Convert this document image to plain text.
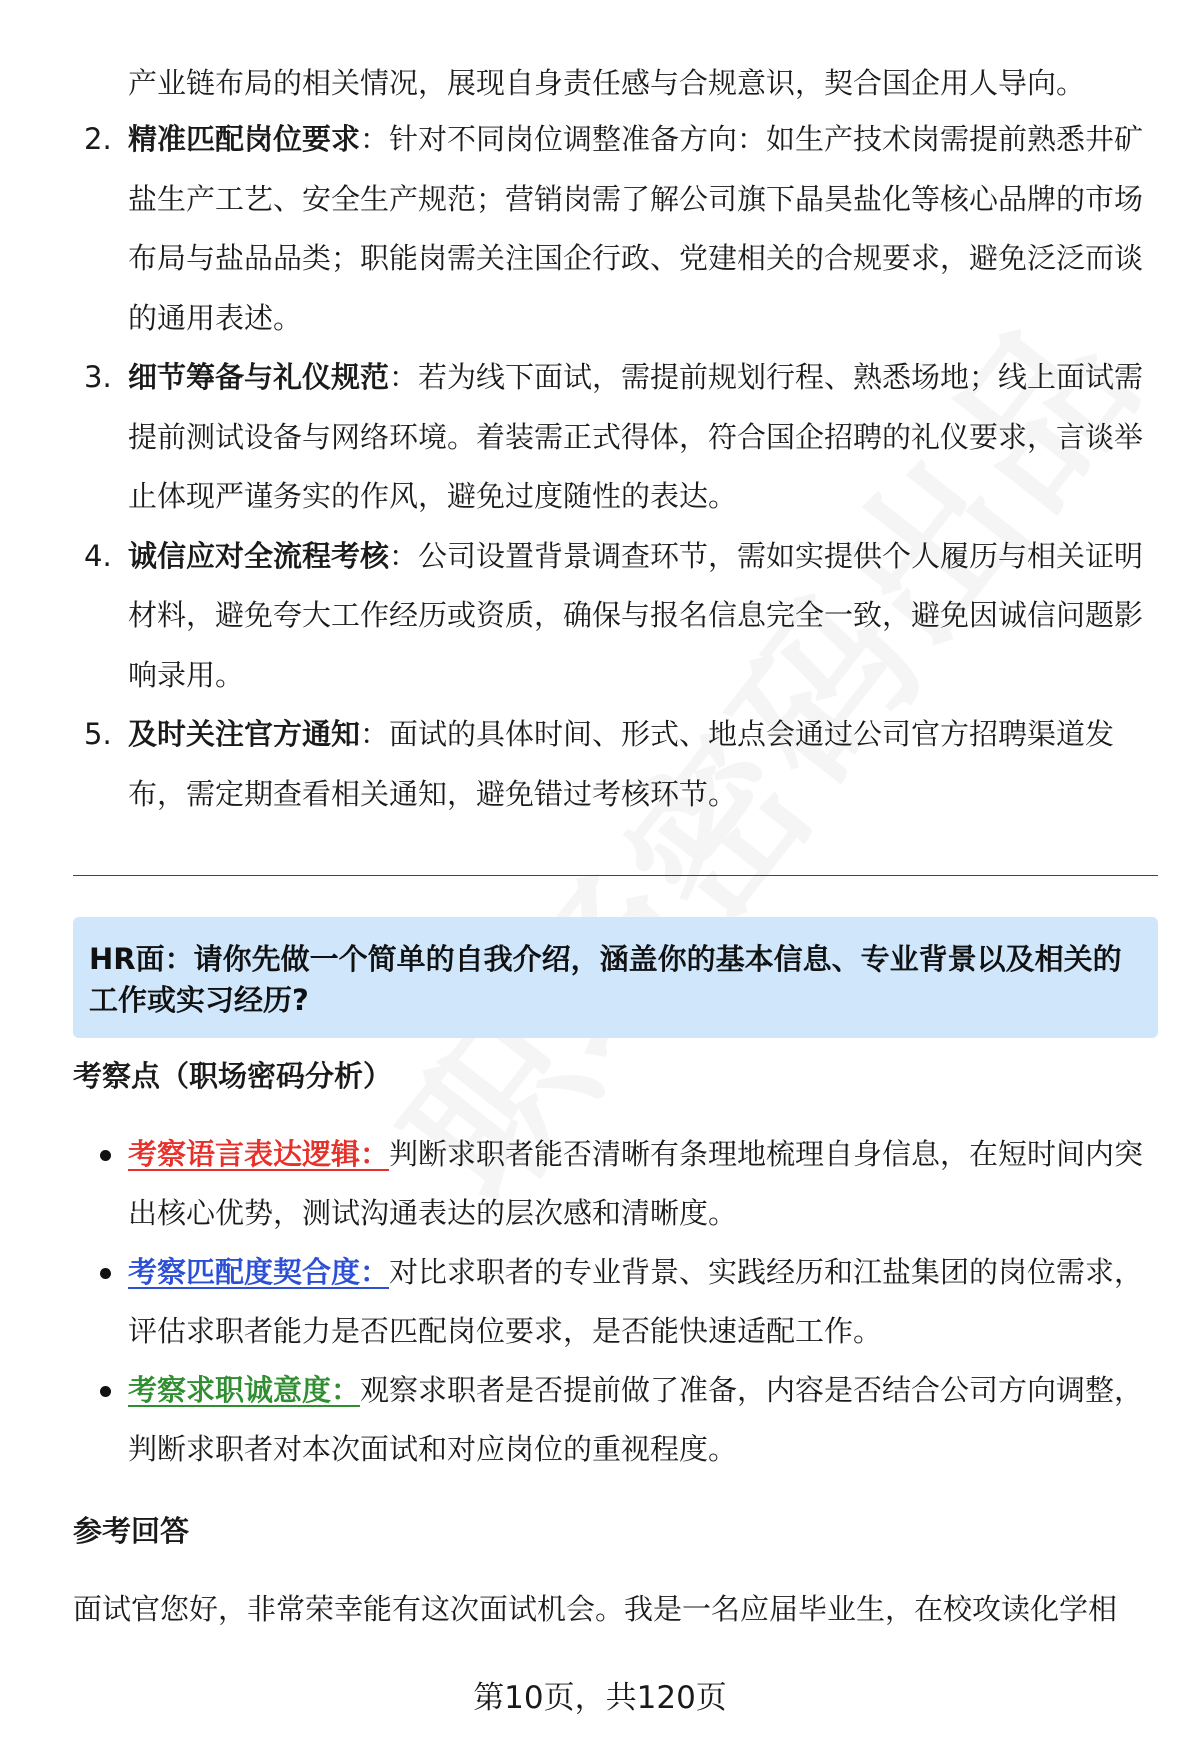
产业链布局的相关情况，展现自身责任感与合规意识，契合国企用人导向。
2. 精准匹配岗位要求：针对不同岗位调整准备方向：如生产技术岗需提前熟悉井矿盐生产工艺、安全生产规范；营销岗需了解公司旗下晶昊盐化等核心品牌的市场布局与盐品品类；职能岗需关注国企行政、党建相关的合规要求，避免泛泛而谈的通用表述。
3. 细节筹备与礼仪规范：若为线下面试，需提前规划行程、熟悉场地；线上面试需提前测试设备与网络环境。着装需正式得体，符合国企招聘的礼仪要求，言谈举止体现严谨务实的作风，避免过度随性的表达。
4. 诚信应对全流程考核：公司设置背景调查环节，需如实提供个人履历与相关证明材料，避免夸大工作经历或资质，确保与报名信息完全一致，避免因诚信问题影响录用。
5. 及时关注官方通知：面试的具体时间、形式、地点会通过公司官方招聘渠道发布，需定期查看相关通知，避免错过考核环节。
HR面：请你先做一个简单的自我介绍，涵盖你的基本信息、专业背景以及相关的工作或实习经历?
考察点（职场密码分析）
考察语言表达逻辑：判断求职者能否清晰有条理地梳理自身信息，在短时间内突出核心优势，测试沟通表达的层次感和清晰度。
考察匹配度契合度：对比求职者的专业背景、实践经历和江盐集团的岗位需求，评估求职者能力是否匹配岗位要求，是否能快速适配工作。
考察求职诚意度：观察求职者是否提前做了准备，内容是否结合公司方向调整，判断求职者对本次面试和对应岗位的重视程度。
参考回答
面试官您好，非常荣幸能有这次面试机会。我是一名应届毕业生，在校攻读化学相
第10页，共120页
